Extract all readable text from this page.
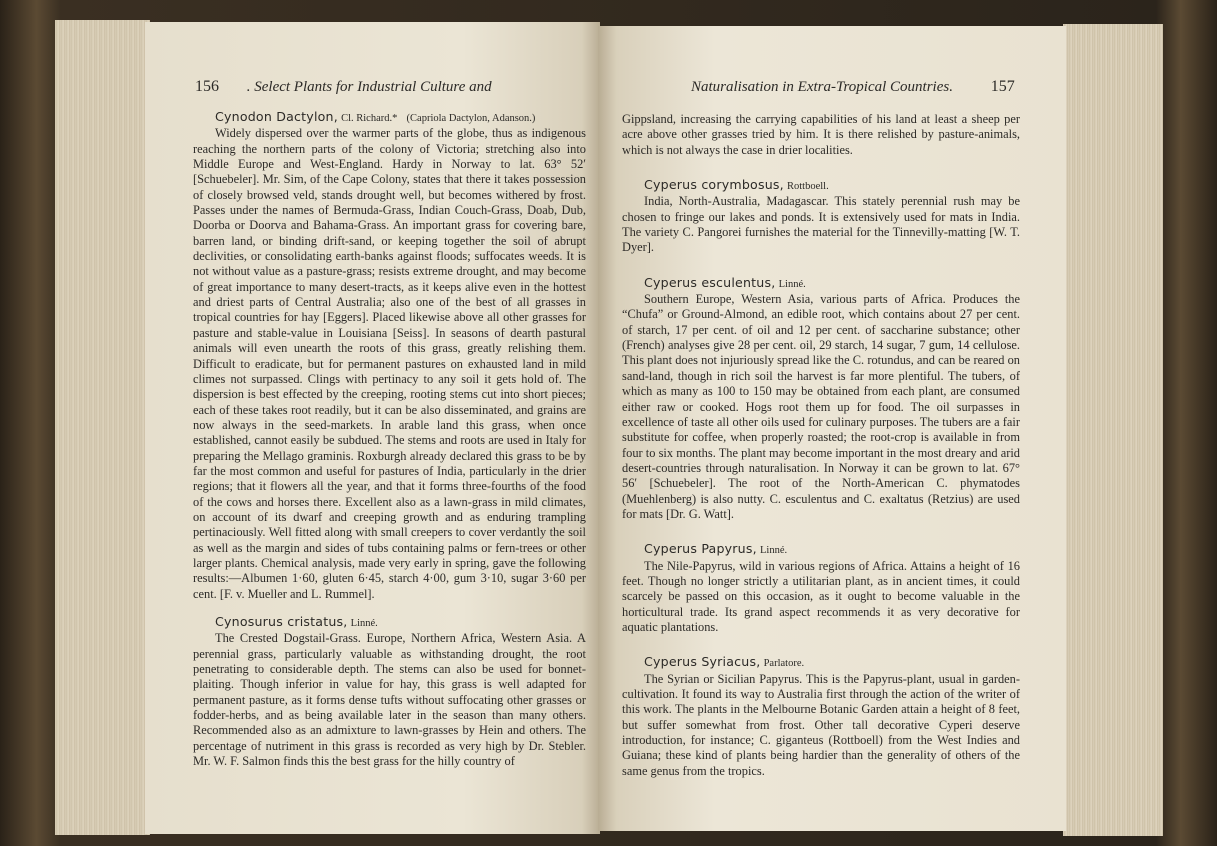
156 . Select Plants for Industrial Culture and

Cynodon Dactylon, Cl. Richard.* (Capriola Dactylon, Adanson.)

Widely dispersed over the warmer parts of the globe, thus as indigenous reaching the northern parts of the colony of Victoria; stretching also into Middle Europe and West-England. Hardy in Norway to lat. 63° 52′ [Schuebeler]. Mr. Sim, of the Cape Colony, states that there it takes possession of closely browsed veld, stands drought well, but becomes withered by frost. Passes under the names of Bermuda-Grass, Indian Couch-Grass, Doab, Dub, Doorba or Doorva and Bahama-Grass. An important grass for covering bare, barren land, or binding drift-sand, or keeping together the soil of abrupt declivities, or consolidating earth-banks against floods; suffocates weeds. It is not without value as a pasture-grass; resists extreme drought, and may become of great importance to many desert-tracts, as it keeps alive even in the hottest and driest parts of Central Australia; also one of the best of all grasses in tropical countries for hay [Eggers]. Placed likewise above all other grasses for pasture and stable-value in Louisiana [Seiss]. In seasons of dearth pastural animals will even unearth the roots of this grass, greatly relishing them. Difficult to eradicate, but for permanent pastures on exhausted land in mild climes not surpassed. Clings with pertinacy to any soil it gets hold of. The dispersion is best effected by the creeping, rooting stems cut into short pieces; each of these takes root readily, but it can be also disseminated, and grains are now always in the seed-markets. In arable land this grass, when once established, cannot easily be subdued. The stems and roots are used in Italy for preparing the Mellago graminis. Roxburgh already declared this grass to be by far the most common and useful for pastures of India, particularly in the drier regions; that it flowers all the year, and that it forms three-fourths of the food of the cows and horses there. Excellent also as a lawn-grass in mild climates, on account of its dwarf and creeping growth and as enduring trampling pertinaciously. Well fitted along with small creepers to cover verdantly the soil as well as the margin and sides of tubs containing palms or fern-trees or other larger plants. Chemical analysis, made very early in spring, gave the following results:—Albumen 1·60, gluten 6·45, starch 4·00, gum 3·10, sugar 3·60 per cent. [F. v. Mueller and L. Rummel].

Cynosurus cristatus, Linné.

The Crested Dogstail-Grass. Europe, Northern Africa, Western Asia. A perennial grass, particularly valuable as withstanding drought, the root penetrating to considerable depth. The stems can also be used for bonnet-plaiting. Though inferior in value for hay, this grass is well adapted for permanent pasture, as it forms dense tufts without suffocating other grasses or fodder-herbs, and as being available later in the season than many others. Recommended also as an admixture to lawn-grasses by Hein and others. The percentage of nutriment in this grass is recorded as very high by Dr. Stebler. Mr. W. F. Salmon finds this the best grass for the hilly country of

Naturalisation in Extra-Tropical Countries. 157

Gippsland, increasing the carrying capabilities of his land at least a sheep per acre above other grasses tried by him. It is there relished by pasture-animals, which is not always the case in drier localities.

Cyperus corymbosus, Rottboell.

India, North-Australia, Madagascar. This stately perennial rush may be chosen to fringe our lakes and ponds. It is extensively used for mats in India. The variety C. Pangorei furnishes the material for the Tinnevilly-matting [W. T. Dyer].

Cyperus esculentus, Linné.

Southern Europe, Western Asia, various parts of Africa. Produces the “Chufa” or Ground-Almond, an edible root, which contains about 27 per cent. of starch, 17 per cent. of oil and 12 per cent. of saccharine substance; other (French) analyses give 28 per cent. oil, 29 starch, 14 sugar, 7 gum, 14 cellulose. This plant does not injuriously spread like the C. rotundus, and can be reared on sand-land, though in rich soil the harvest is far more plentiful. The tubers, of which as many as 100 to 150 may be obtained from each plant, are consumed either raw or cooked. Hogs root them up for food. The oil surpasses in excellence of taste all other oils used for culinary purposes. The tubers are a fair substitute for coffee, when properly roasted; the root-crop is available in from four to six months. The plant may become important in the most dreary and arid desert-countries through naturalisation. In Norway it can be grown to lat. 67° 56′ [Schuebeler]. The root of the North-American C. phymatodes (Muehlenberg) is also nutty. C. esculentus and C. exaltatus (Retzius) are used for mats [Dr. G. Watt].

Cyperus Papyrus, Linné.

The Nile-Papyrus, wild in various regions of Africa. Attains a height of 16 feet. Though no longer strictly a utilitarian plant, as in ancient times, it could scarcely be passed on this occasion, as it ought to become valuable in the horticultural trade. Its grand aspect recommends it as very decorative for aquatic plantations.

Cyperus Syriacus, Parlatore.

The Syrian or Sicilian Papyrus. This is the Papyrus-plant, usual in garden-cultivation. It found its way to Australia first through the action of the writer of this work. The plants in the Melbourne Botanic Garden attain a height of 8 feet, but suffer somewhat from frost. Other tall decorative Cyperi deserve introduction, for instance; C. giganteus (Rottboell) from the West Indies and Guiana; these kind of plants being hardier than the generality of others of the same genus from the tropics.
